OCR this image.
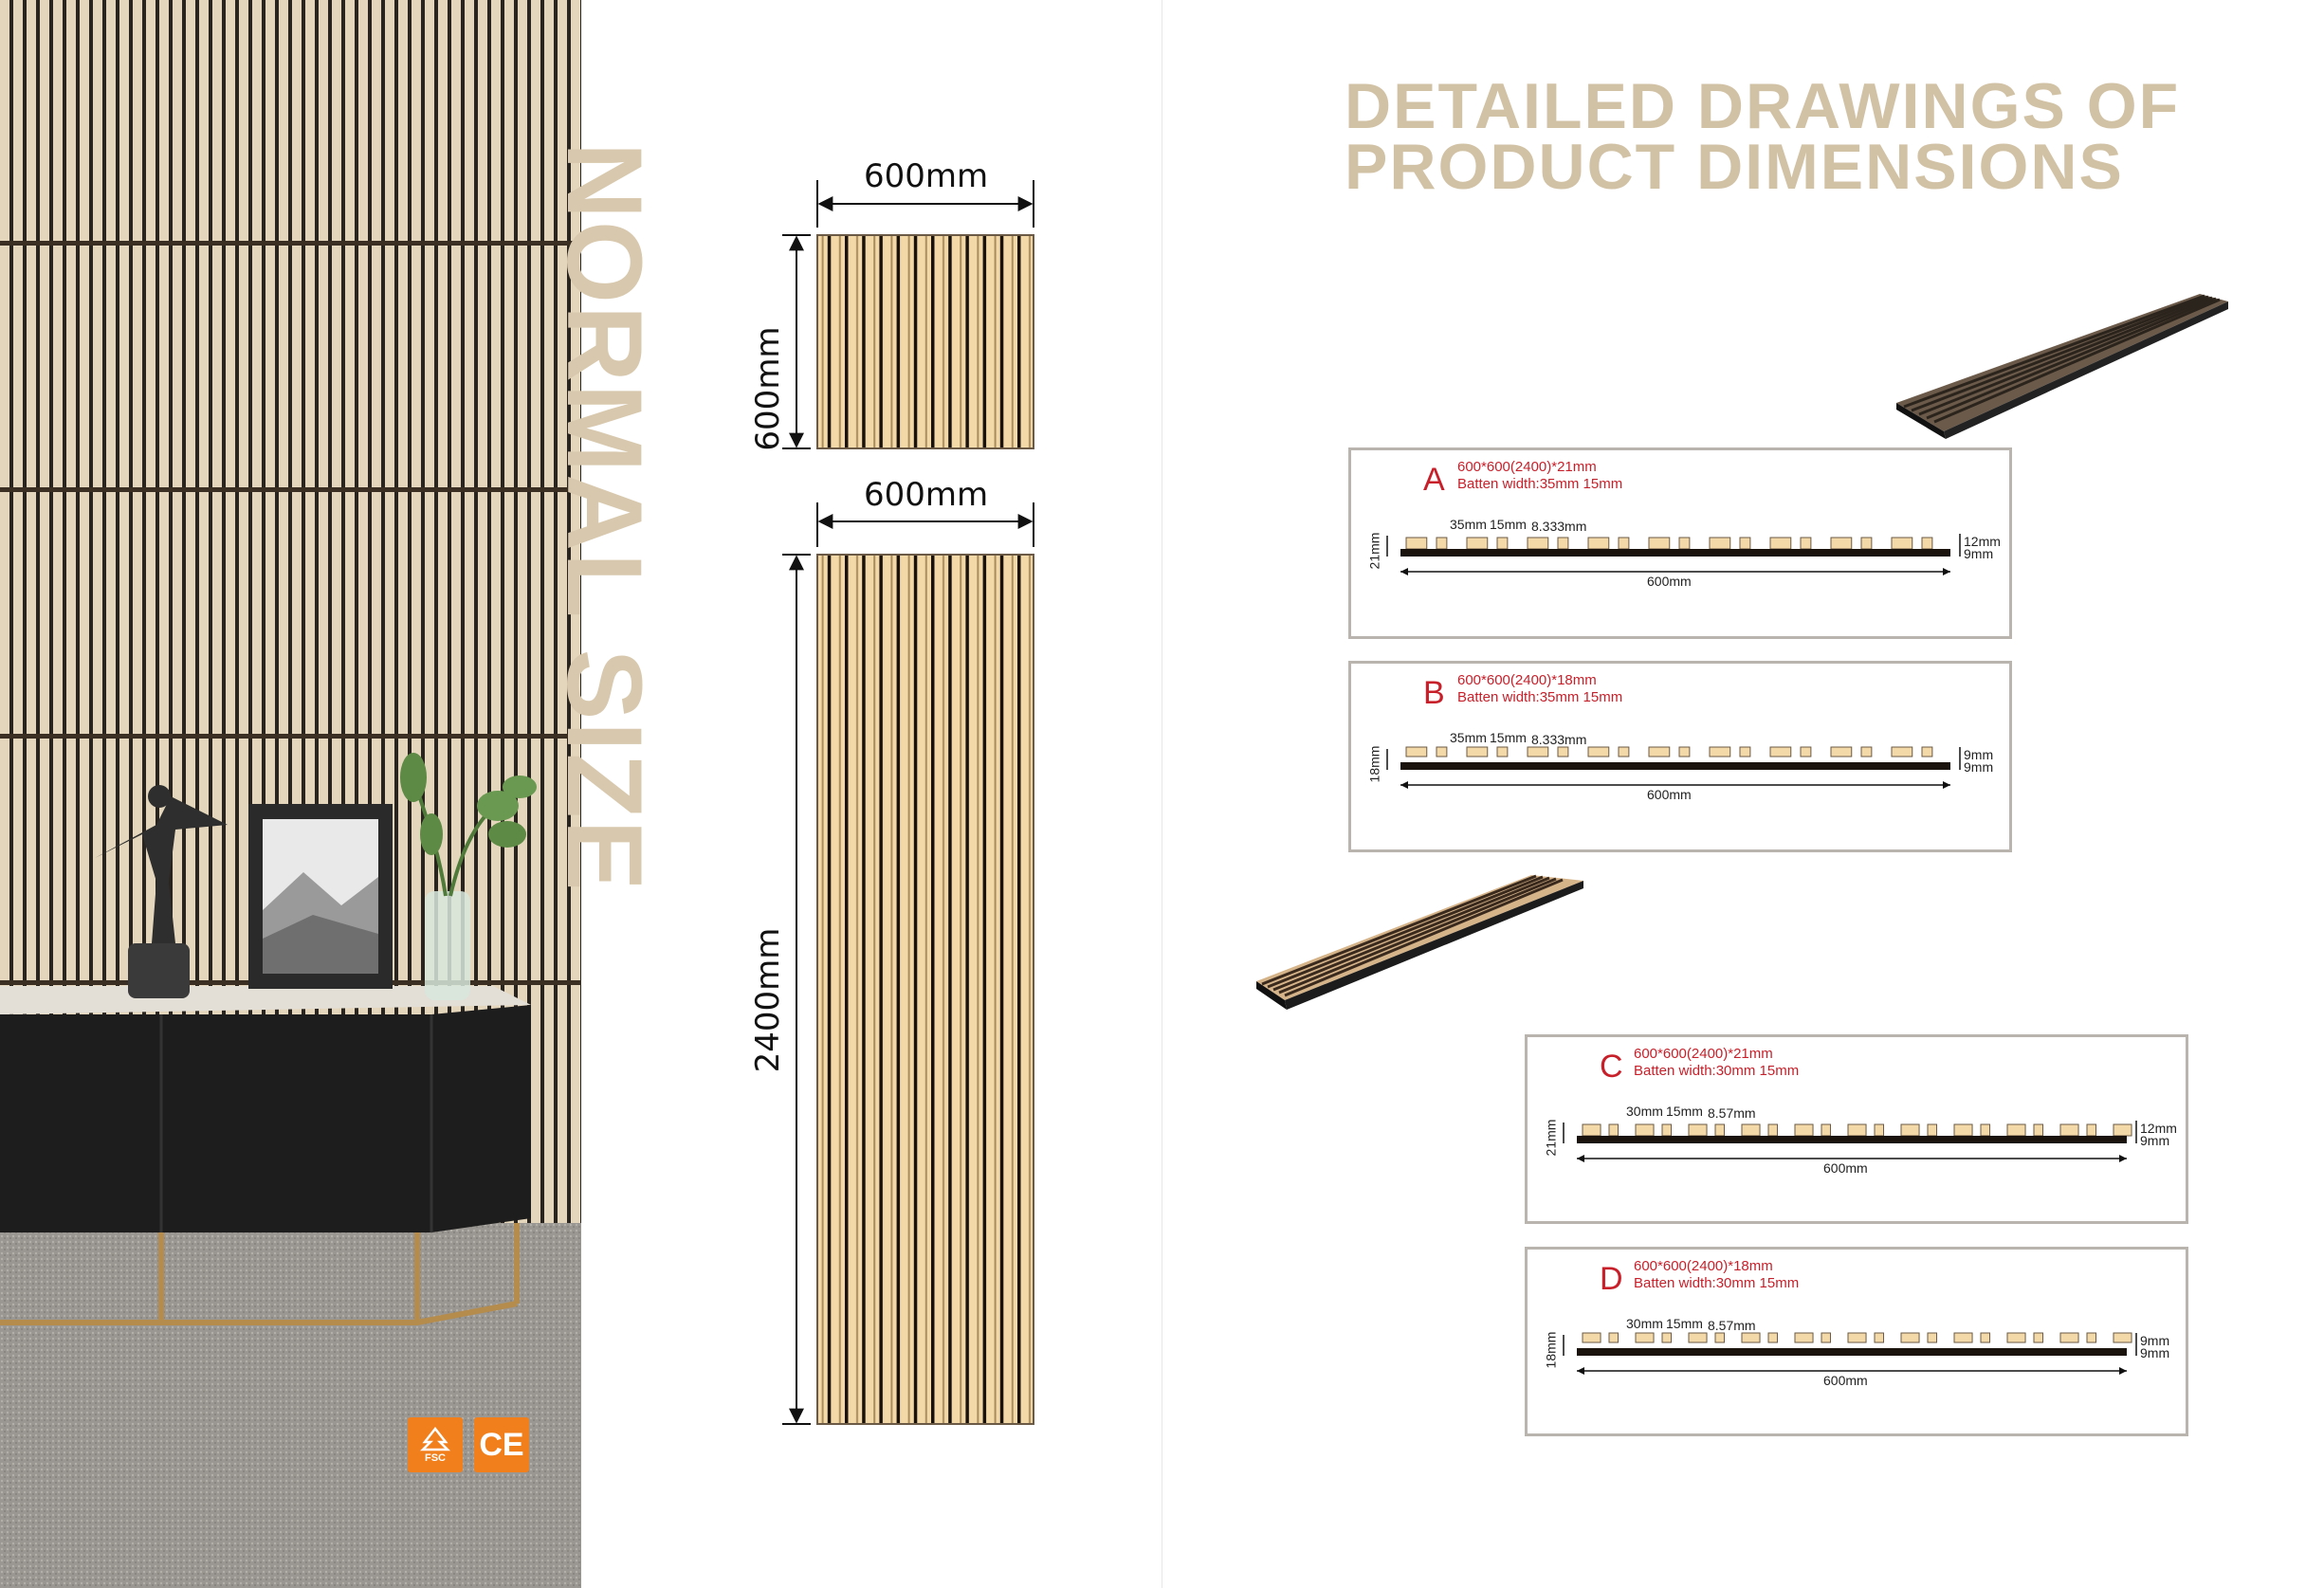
FSC CE
NORMAL SIZE	600mm
600mm
600mm
2400mm
DETAILED DRAWINGS OF
PRODUCT DIMENSIONS
A 600*600(2400)*21mm
Batten width:35mm 15mm
35mm 15mm 8.333mm
21mm	12mm
9mm
600mm
B 600*600(2400)*18mm
Batten width:35mm 15mm
35mm 15mm 8.333mm
18mm	9mm
9mm
600mm
C 600*600(2400)*21mm
Batten width:30mm 15mm
30mm 15mm 8.57mm
21mm	12mm
9mm
600mm
D 600*600(2400)*18mm
Batten width:30mm 15mm
30mm 15mm 8.57mm
18mm	9mm
9mm
600mm
